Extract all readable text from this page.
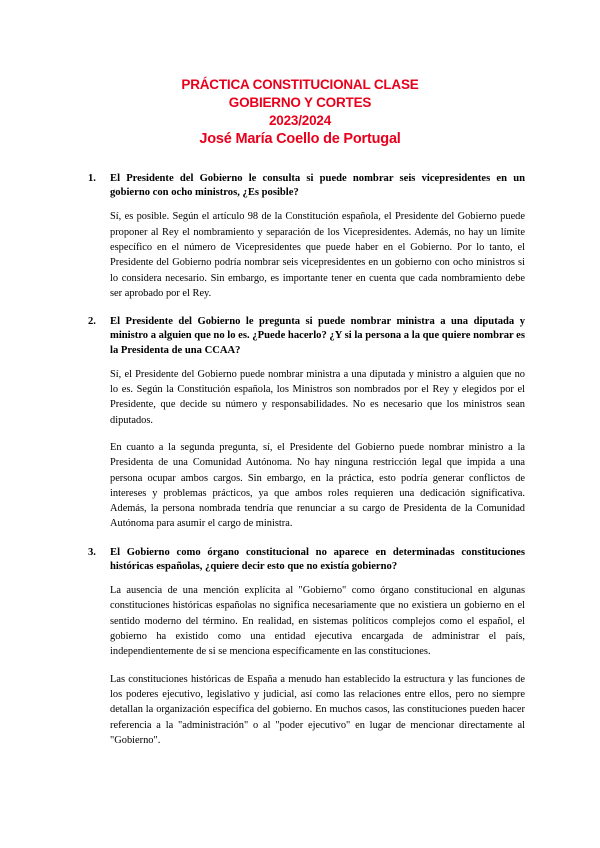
PRÁCTICA CONSTITUCIONAL CLASE
GOBIERNO Y CORTES
2023/2024
José María Coello de Portugal
1.	El Presidente del Gobierno le consulta si puede nombrar seis vicepresidentes en un gobierno con ocho ministros, ¿Es posible?
Sí, es posible. Según el artículo 98 de la Constitución española, el Presidente del Gobierno puede proponer al Rey el nombramiento y separación de los Vicepresidentes. Además, no hay un límite específico en el número de Vicepresidentes que puede haber en el Gobierno. Por lo tanto, el Presidente del Gobierno podría nombrar seis vicepresidentes en un gobierno con ocho ministros si lo considera necesario. Sin embargo, es importante tener en cuenta que cada nombramiento debe ser aprobado por el Rey.
2.	El Presidente del Gobierno le pregunta si puede nombrar ministra a una diputada y ministro a alguien que no lo es. ¿Puede hacerlo? ¿Y si la persona a la que quiere nombrar es la Presidenta de una CCAA?
Sí, el Presidente del Gobierno puede nombrar ministra a una diputada y ministro a alguien que no lo es. Según la Constitución española, los Ministros son nombrados por el Rey y elegidos por el Presidente, que decide su número y responsabilidades. No es necesario que los ministros sean diputados.
En cuanto a la segunda pregunta, sí, el Presidente del Gobierno puede nombrar ministro a la Presidenta de una Comunidad Autónoma. No hay ninguna restricción legal que impida a una persona ocupar ambos cargos. Sin embargo, en la práctica, esto podría generar conflictos de intereses y problemas prácticos, ya que ambos roles requieren una dedicación significativa. Además, la persona nombrada tendría que renunciar a su cargo de Presidenta de la Comunidad Autónoma para asumir el cargo de ministra.
3.	El Gobierno como órgano constitucional no aparece en determinadas constituciones históricas españolas, ¿quiere decir esto que no existía gobierno?
La ausencia de una mención explícita al "Gobierno" como órgano constitucional en algunas constituciones históricas españolas no significa necesariamente que no existiera un gobierno en el sentido moderno del término. En realidad, en sistemas políticos complejos como el español, el gobierno ha existido como una entidad ejecutiva encargada de administrar el país, independientemente de si se menciona específicamente en las constituciones.
Las constituciones históricas de España a menudo han establecido la estructura y las funciones de los poderes ejecutivo, legislativo y judicial, así como las relaciones entre ellos, pero no siempre detallan la organización específica del gobierno. En muchos casos, las constituciones pueden hacer referencia a la "administración" o al "poder ejecutivo" en lugar de mencionar directamente al "Gobierno".
